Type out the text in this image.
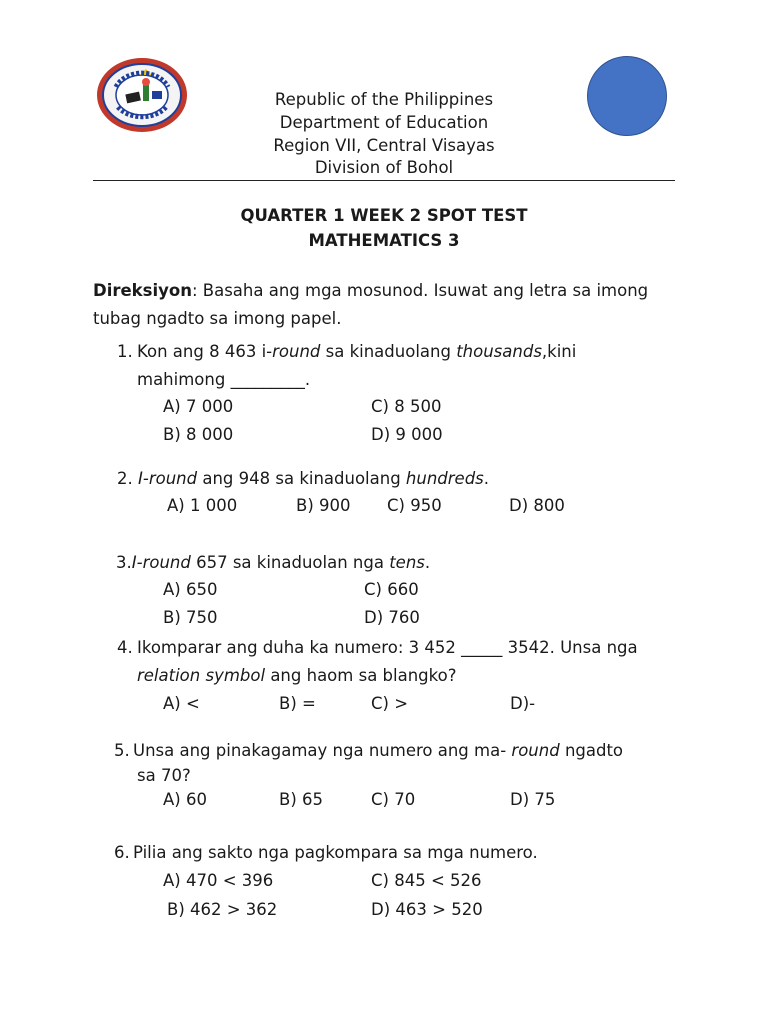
Republic of the Philippines
Department of Education
Region VII, Central Visayas
Division of Bohol
QUARTER 1 WEEK 2 SPOT TEST
MATHEMATICS 3
Direksiyon: Basaha ang mga mosunod. Isuwat ang letra sa imong
tubag ngadto sa imong papel.
1. Kon ang 8 463 i-round sa kinaduolang thousands,kini
mahimong _________.
A) 7 000	C) 8 500
B) 8 000	D) 9 000
2. I-round ang 948 sa kinaduolang hundreds.
A) 1 000	B) 900 C) 950	D) 800
3.I-round 657 sa kinaduolan nga tens.
A) 650	C) 660
B) 750	D) 760
4. Ikomparar ang duha ka numero: 3 452 _____ 3542. Unsa nga
relation symbol ang haom sa blangko?
A) <	B) =	C) >	D)-
5. Unsa ang pinakagamay nga numero ang ma- round ngadto
sa 70?
A) 60	B) 65	C) 70	D) 75
6. Pilia ang sakto nga pagkompara sa mga numero.
A) 470 < 396	C) 845 < 526
B) 462 > 362	D) 463 > 520
